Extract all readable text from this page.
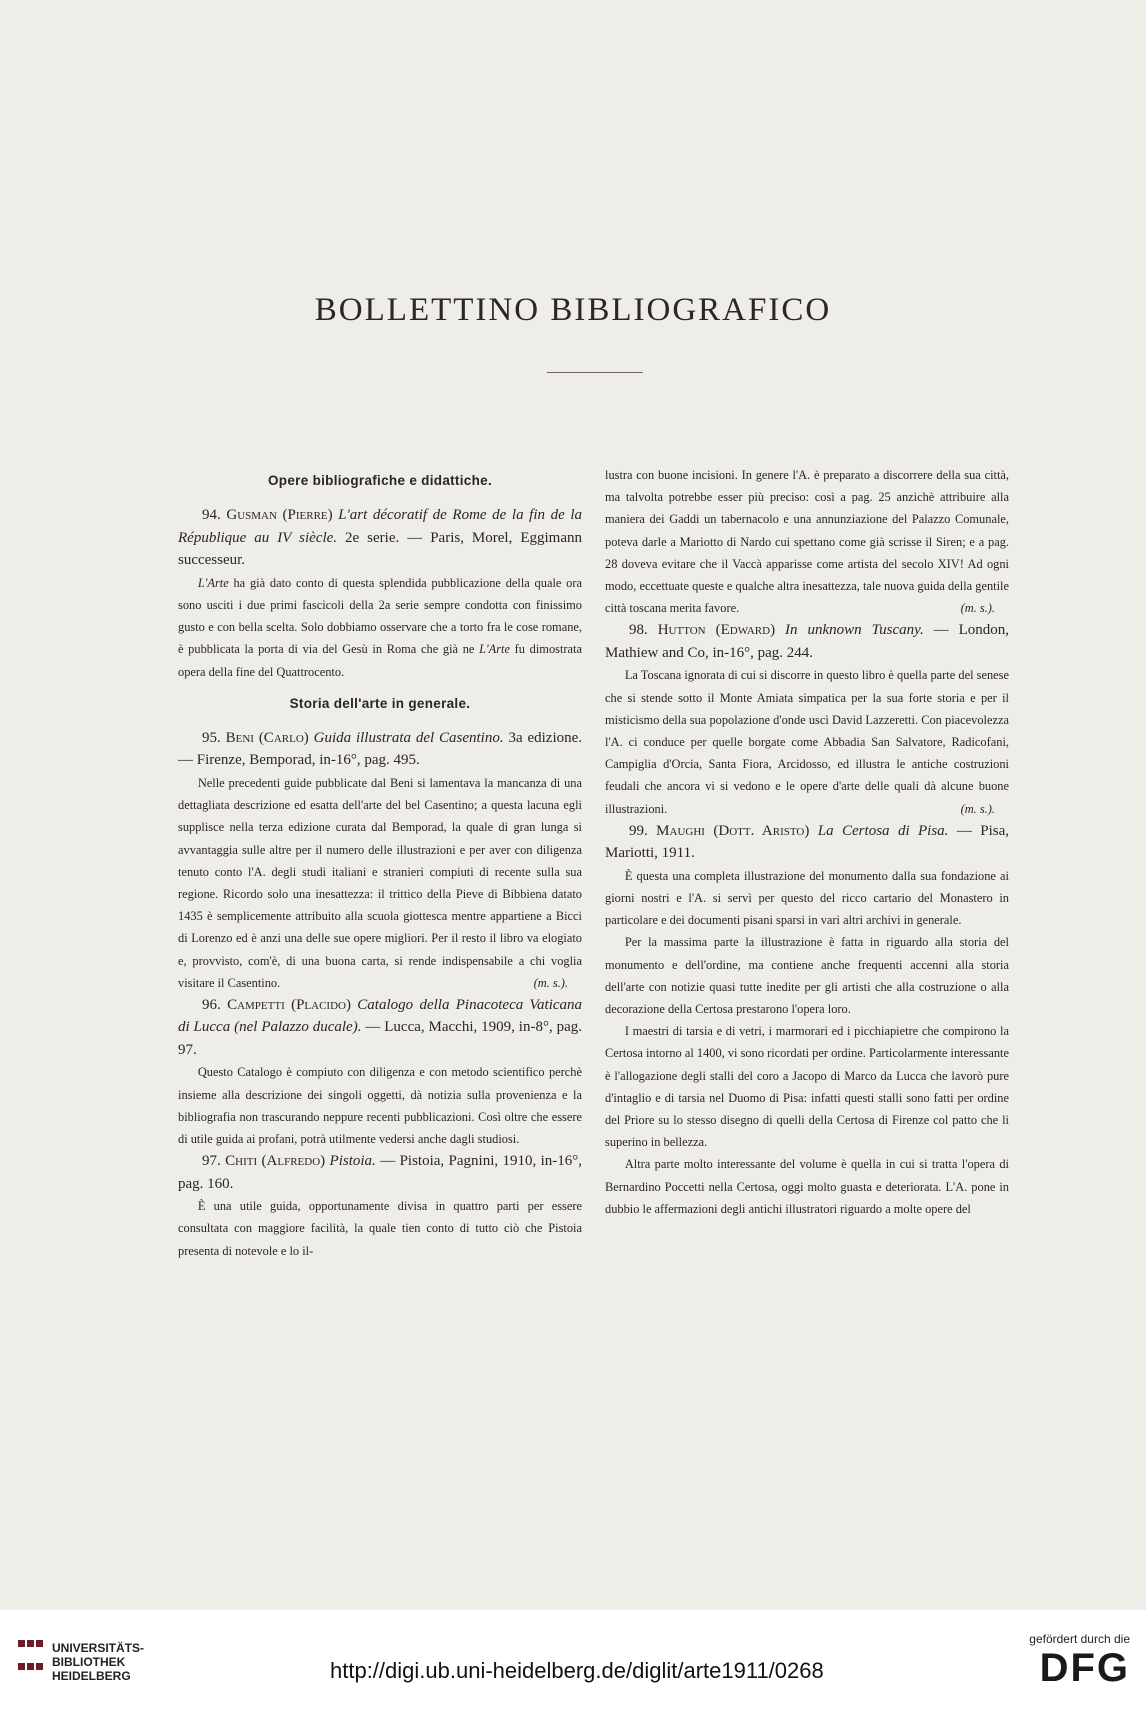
BOLLETTINO BIBLIOGRAFICO
Opere bibliografiche e didattiche.
94. Gusman (Pierre) L'art décoratif de Rome de la fin de la République au IV siècle. 2e serie. — Paris, Morel, Eggimann successeur.
L'Arte ha già dato conto di questa splendida pubblicazione della quale ora sono usciti i due primi fascicoli della 2a serie sempre condotta con finissimo gusto e con bella scelta. Solo dobbiamo osservare che a torto fra le cose romane, è pubblicata la porta di via del Gesù in Roma che già ne L'Arte fu dimostrata opera della fine del Quattrocento.
Storia dell'arte in generale.
95. Beni (Carlo) Guida illustrata del Casentino. 3a edizione. — Firenze, Bemporad, in-16°, pag. 495.
Nelle precedenti guide pubblicate dal Beni si lamentava la mancanza di una dettagliata descrizione ed esatta dell'arte del bel Casentino; a questa lacuna egli supplisce nella terza edizione curata dal Bemporad, la quale di gran lunga si avvantaggia sulle altre per il numero delle illustrazioni e per aver con diligenza tenuto conto l'A. degli studi italiani e stranieri compiuti di recente sulla sua regione. Ricordo solo una inesattezza: il trittico della Pieve di Bibbiena datato 1435 è semplicemente attribuito alla scuola giottesca mentre appartiene a Bicci di Lorenzo ed è anzi una delle sue opere migliori. Per il resto il libro va elogiato e, provvisto, com'è, di una buona carta, si rende indispensabile a chi voglia visitare il Casentino.	(m. s.).
96. Campetti (Placido) Catalogo della Pinacoteca Vaticana di Lucca (nel Palazzo ducale). — Lucca, Macchi, 1909, in-8°, pag. 97.
Questo Catalogo è compiuto con diligenza e con metodo scientifico perchè insieme alla descrizione dei singoli oggetti, dà notizia sulla provenienza e la bibliografia non trascurando neppure recenti pubblicazioni. Così oltre che essere di utile guida ai profani, potrà utilmente vedersi anche dagli studiosi.
97. Chiti (Alfredo) Pistoia. — Pistoia, Pagnini, 1910, in-16°, pag. 160.
È una utile guida, opportunamente divisa in quattro parti per essere consultata con maggiore facilità, la quale tien conto di tutto ciò che Pistoia presenta di notevole e lo il-
lustra con buone incisioni. In genere l'A. è preparato a discorrere della sua città, ma talvolta potrebbe esser più preciso: così a pag. 25 anzichè attribuire alla maniera dei Gaddi un tabernacolo e una annunziazione del Palazzo Comunale, poteva darle a Mariotto di Nardo cui spettano come già scrisse il Siren; e a pag. 28 doveva evitare che il Vaccà apparisse come artista del secolo XIV! Ad ogni modo, eccettuate queste e qualche altra inesattezza, tale nuova guida della gentile città toscana merita favore.	(m. s.).
98. Hutton (Edward) In unknown Tuscany. — London, Mathiew and Co, in-16°, pag. 244.
La Toscana ignorata di cui si discorre in questo libro è quella parte del senese che si stende sotto il Monte Amiata simpatica per la sua forte storia e per il misticismo della sua popolazione d'onde uscì David Lazzeretti. Con piacevolezza l'A. ci conduce per quelle borgate come Abbadia San Salvatore, Radicofani, Campiglia d'Orcia, Santa Fiora, Arcidosso, ed illustra le antiche costruzioni feudali che ancora vi si vedono e le opere d'arte delle quali dà alcune buone illustrazioni.	(m. s.).
99. Maughi (Dott. Aristo) La Certosa di Pisa. — Pisa, Mariotti, 1911.
È questa una completa illustrazione del monumento dalla sua fondazione ai giorni nostri e l'A. si servì per questo del ricco cartario del Monastero in particolare e dei documenti pisani sparsi in vari altri archivi in generale.
Per la massima parte la illustrazione è fatta in riguardo alla storia del monumento e dell'ordine, ma contiene anche frequenti accenni alla storia dell'arte con notizie quasi tutte inedite per gli artisti che alla costruzione o alla decorazione della Certosa prestarono l'opera loro.
I maestri di tarsia e di vetri, i marmorari ed i picchiapietre che compirono la Certosa intorno al 1400, vi sono ricordati per ordine. Particolarmente interessante è l'allogazione degli stalli del coro a Jacopo di Marco da Lucca che lavorò pure d'intaglio e di tarsia nel Duomo di Pisa: infatti questi stalli sono fatti per ordine del Priore su lo stesso disegno di quelli della Certosa di Firenze col patto che li superino in bellezza.
Altra parte molto interessante del volume è quella in cui si tratta l'opera di Bernardino Poccetti nella Certosa, oggi molto guasta e deteriorata. L'A. pone in dubbio le affermazioni degli antichi illustratori riguardo a molte opere del
UNIVERSITÄTS-
BIBLIOTHEK
HEIDELBERG	http://digi.ub.uni-heidelberg.de/diglit/arte1911/0268
gefördert durch die
DFG
